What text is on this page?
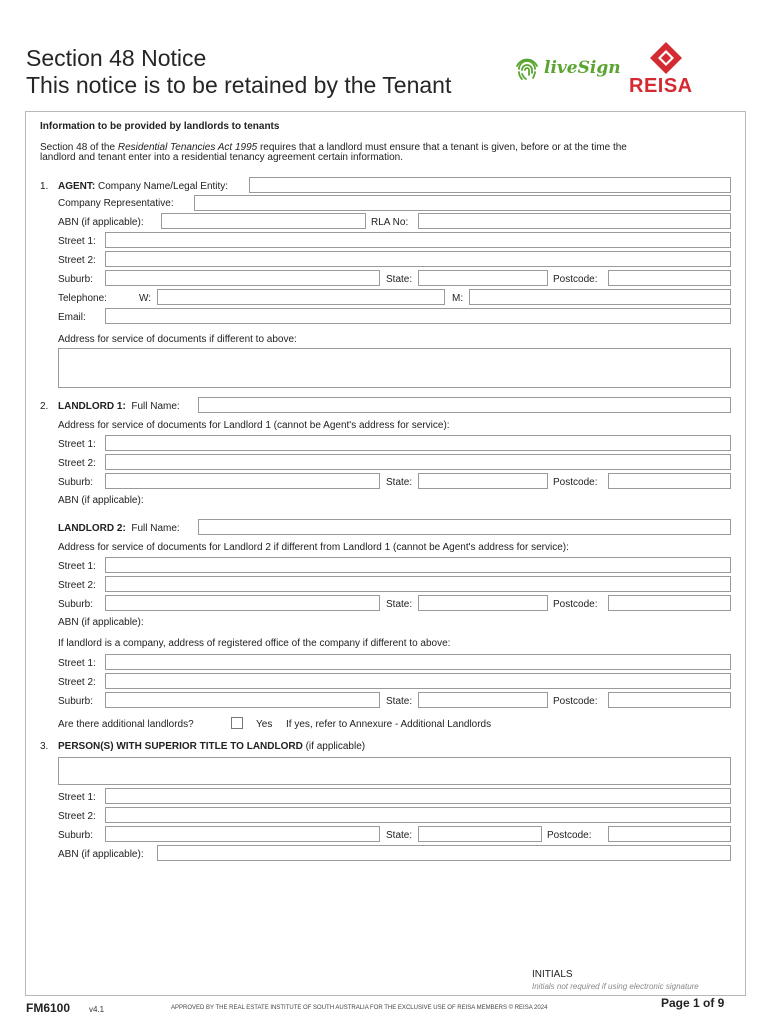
Section 48 Notice
This notice is to be retained by the Tenant
liveSign
REISA
Information to be provided by landlords to tenants
Section 48 of the Residential Tenancies Act 1995 requires that a landlord must ensure that a tenant is given, before or at the time the
landlord and tenant enter into a residential tenancy agreement certain information.
1. AGENT: Company Name/Legal Entity:
Company Representative:
ABN (if applicable):	RLA No:
Street 1:
Street 2:
Suburb:	State:	Postcode:
Telephone:	W:	M:
Email:
Address for service of documents if different to above:
2. LANDLORD 1: Full Name:
Address for service of documents for Landlord 1 (cannot be Agent's address for service):
Street 1:
Street 2:
Suburb:	State:	Postcode:
ABN (if applicable):
LANDLORD 2: Full Name:
Address for service of documents for Landlord 2 if different from Landlord 1 (cannot be Agent's address for service):
Street 1:
Street 2:
Suburb:	State:	Postcode:
ABN (if applicable):
If landlord is a company, address of registered office of the company if different to above:
Street 1:
Street 2:
Suburb:	State:	Postcode:
Are there additional landlords?	Yes If yes, refer to Annexure - Additional Landlords
3. PERSON(S) WITH SUPERIOR TITLE TO LANDLORD (if applicable)
Street 1:
Street 2:
Suburb:	State:	Postcode:
ABN (if applicable):
INITIALS
Initials not required if using electronic signature
FM6100 v4.1	APPROVED BY THE REAL ESTATE INSTITUTE OF SOUTH AUSTRALIA FOR THE EXCLUSIVE USE OF REISA MEMBERS © REISA 2024	Page 1 of 9
